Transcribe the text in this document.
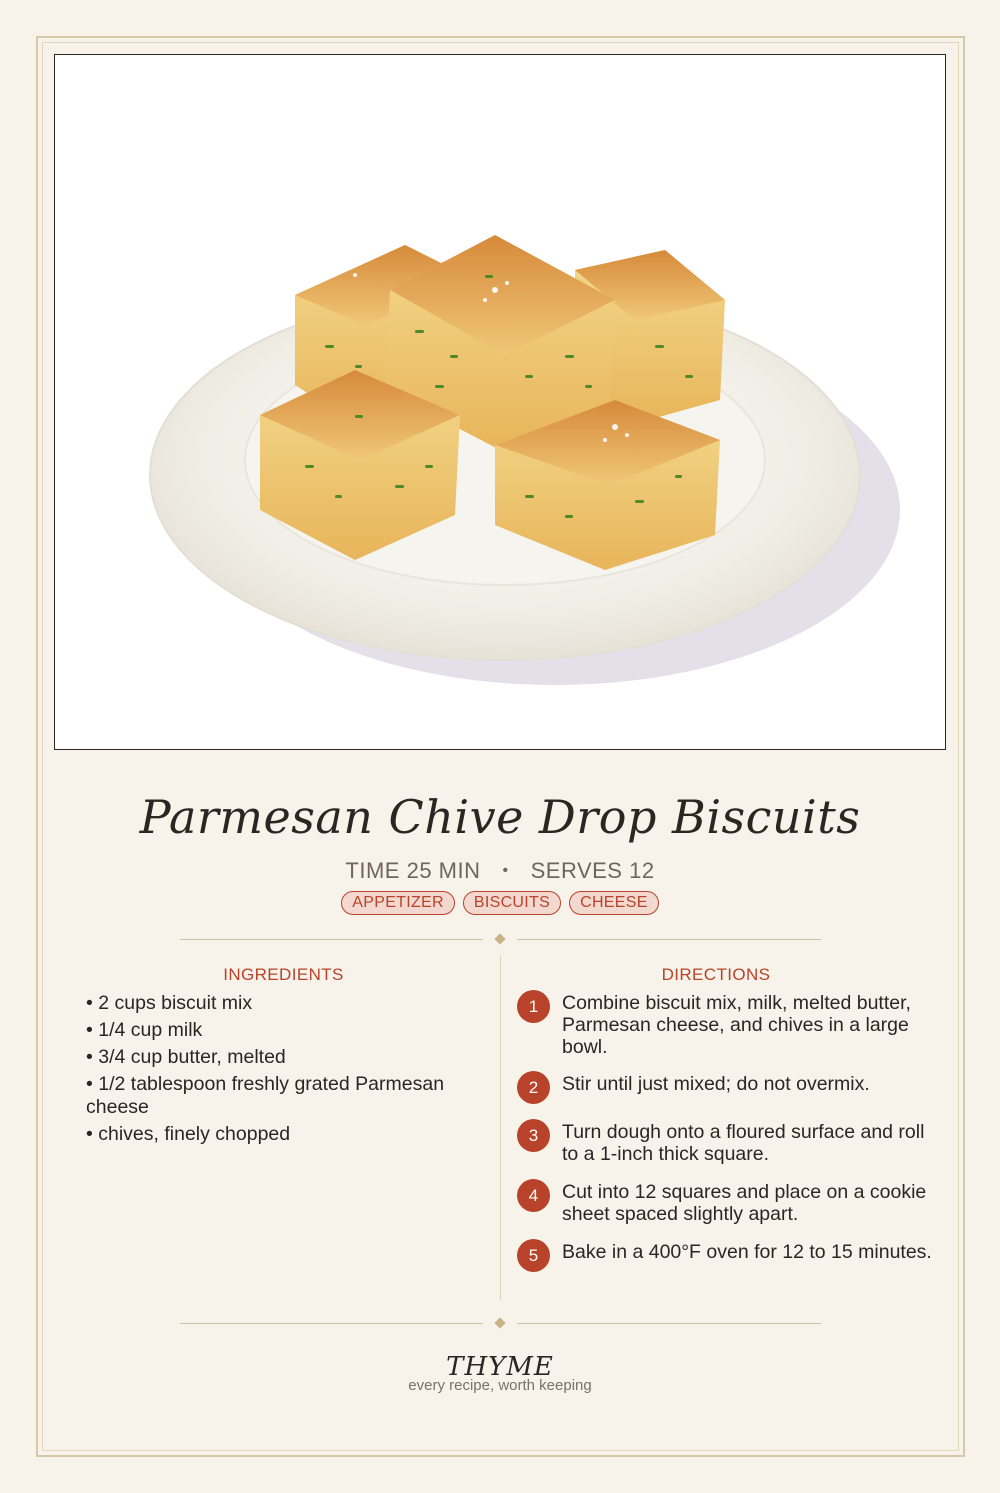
Parmesan Chive Drop Biscuits
TIME 25 MIN • SERVES 12
APPETIZER BISCUITS CHEESE
INGREDIENTS
• 2 cups biscuit mix
• 1/4 cup milk
• 3/4 cup butter, melted
• 1/2 tablespoon freshly grated Parmesan cheese
• chives, finely chopped
DIRECTIONS
1	Combine biscuit mix, milk, melted butter, Parmesan cheese, and chives in a large bowl.
2	Stir until just mixed; do not overmix.
3	Turn dough onto a floured surface and roll to a 1-inch thick square.
4	Cut into 12 squares and place on a cookie sheet spaced slightly apart.
5	Bake in a 400°F oven for 12 to 15 minutes.
THYME
every recipe, worth keeping
